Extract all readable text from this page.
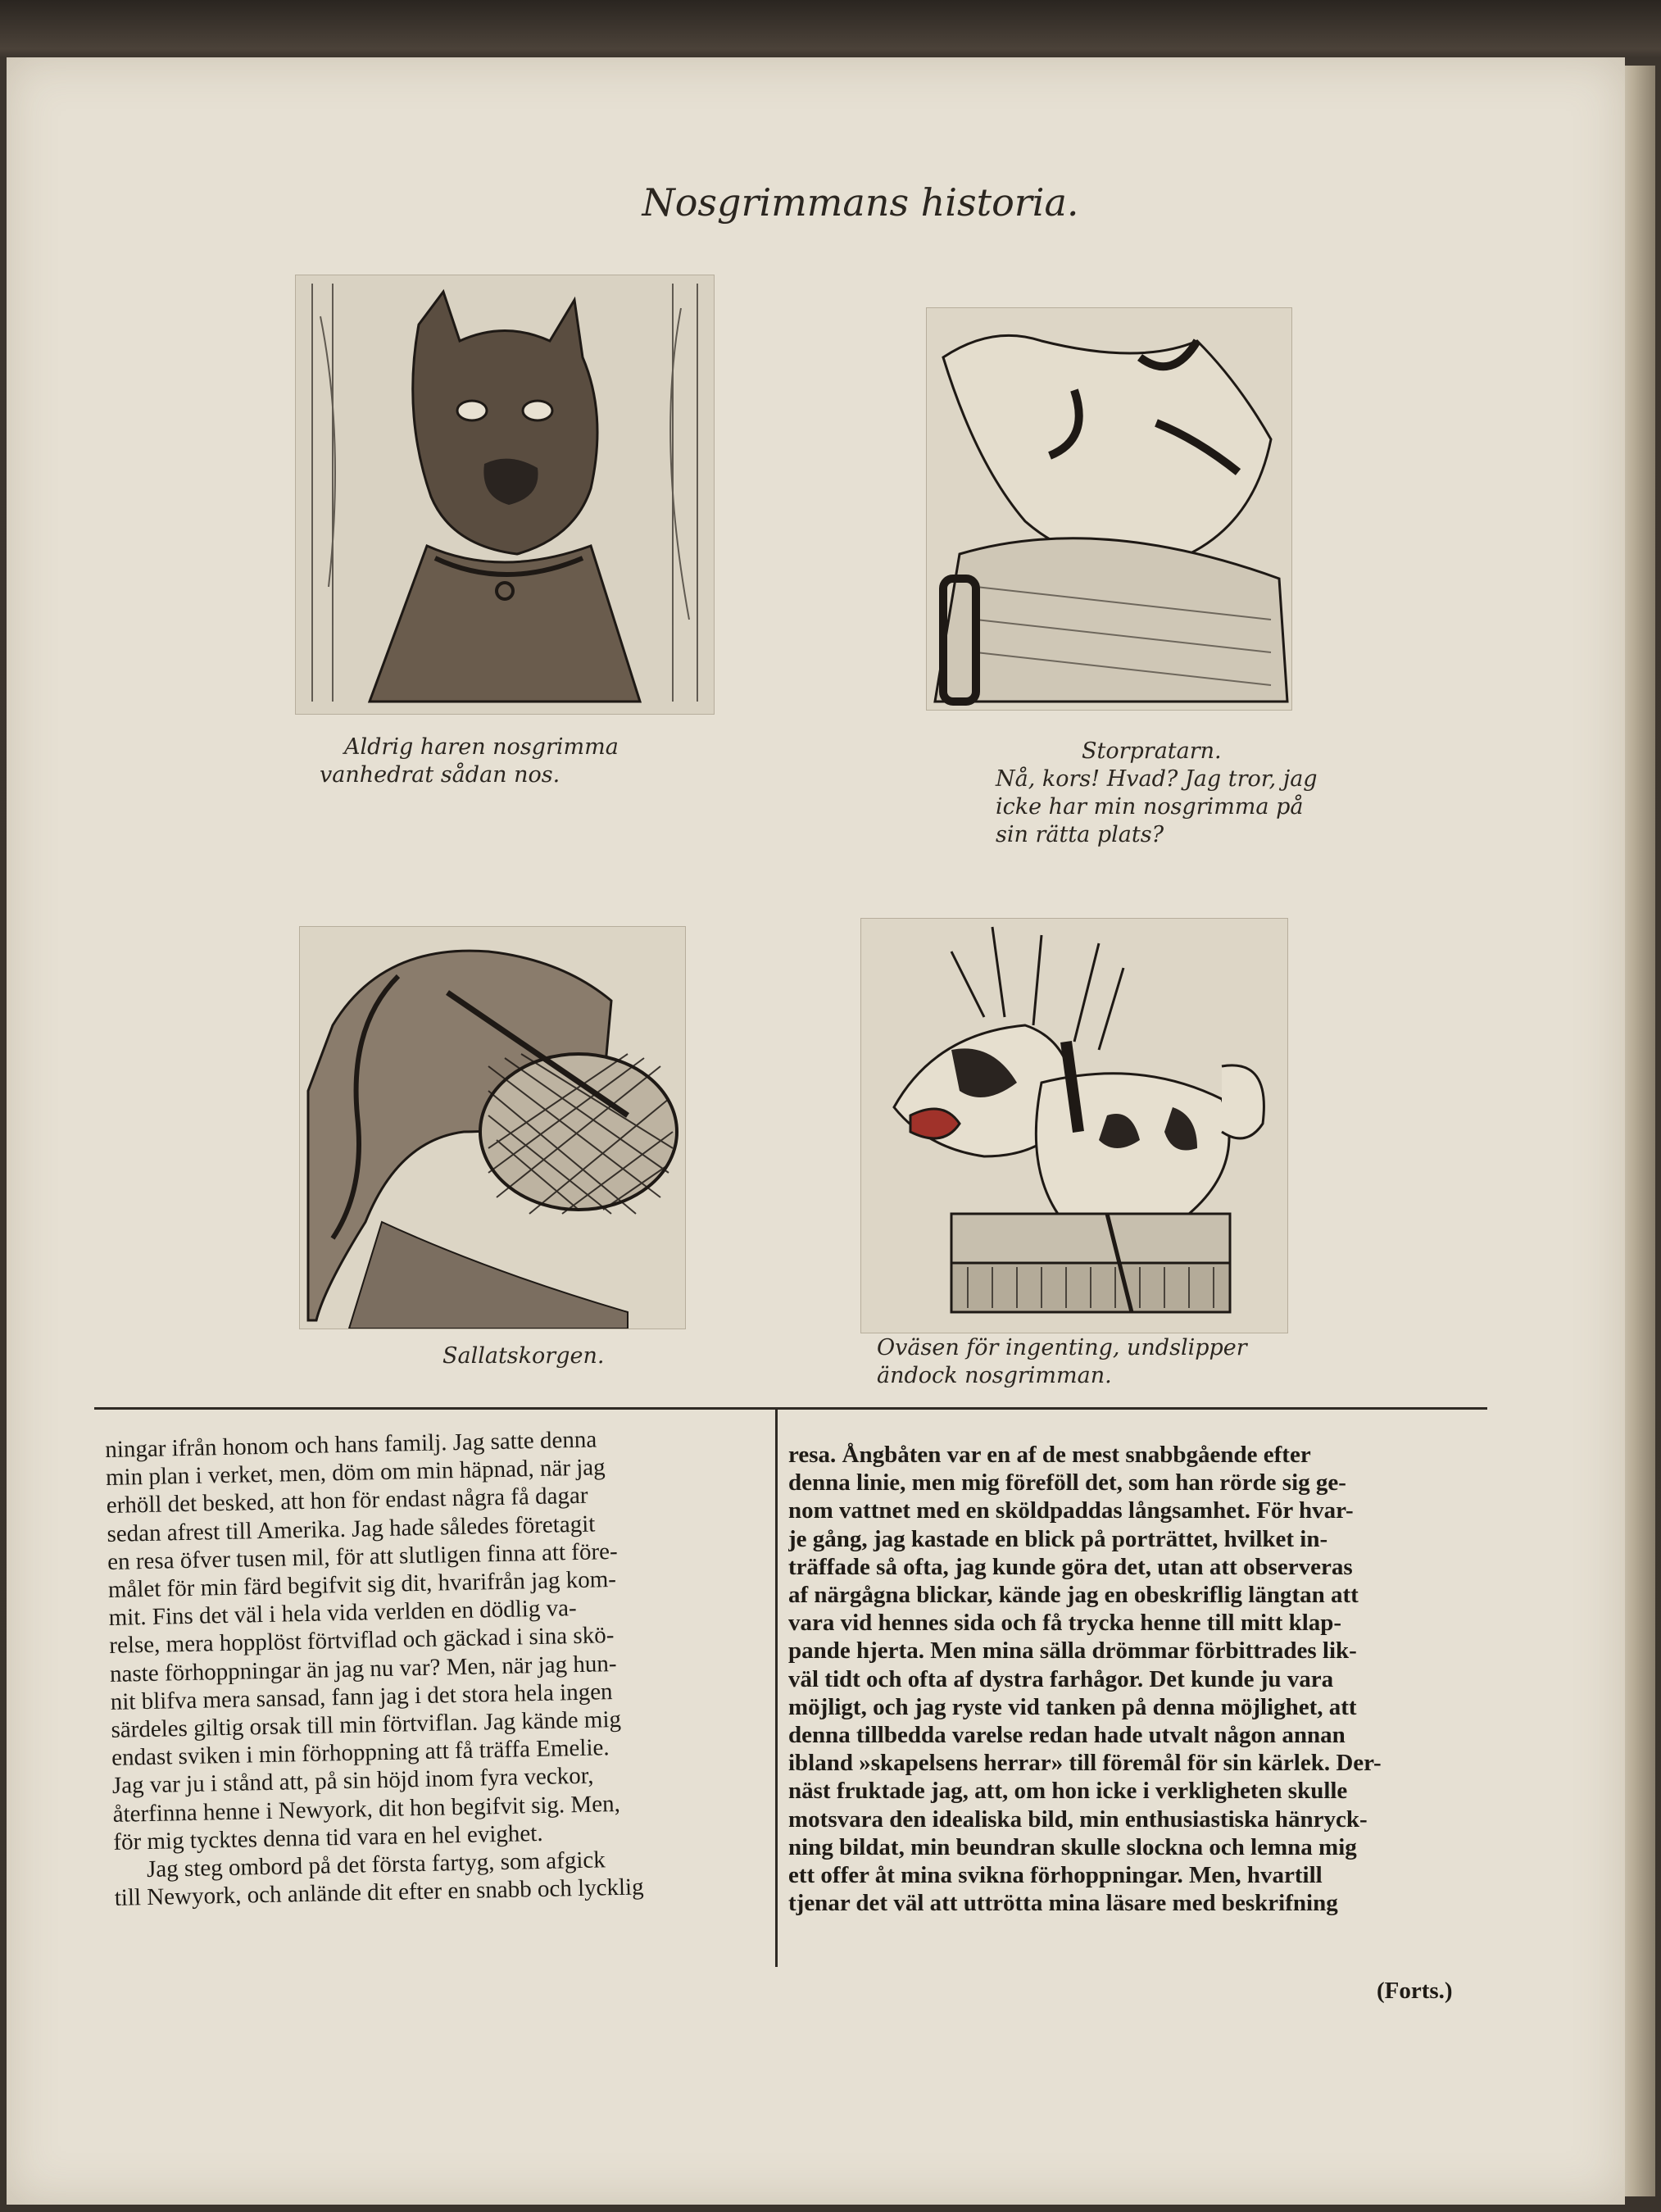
Nosgrimmans historia.
Aldrig haren nosgrimma
vanhedrat sådan nos.
Storpratarn.
Nå, kors! Hvad? Jag tror, jag
icke har min nosgrimma på
sin rätta plats?
Sallatskorgen.	Oväsen för ingenting, undslipper
ändock nosgrimman.
ningar ifrån honom och hans familj. Jag satte denna
min plan i verket, men, döm om min häpnad, när jag
erhöll det besked, att hon för endast några få dagar
sedan afrest till Amerika. Jag hade således företagit
en resa öfver tusen mil, för att slutligen finna att före-
målet för min färd begifvit sig dit, hvarifrån jag kom-
mit. Fins det väl i hela vida verlden en dödlig va-
relse, mera hopplöst förtviflad och gäckad i sina skö-
naste förhoppningar än jag nu var? Men, när jag hun-
nit blifva mera sansad, fann jag i det stora hela ingen
särdeles giltig orsak till min förtviflan. Jag kände mig
endast sviken i min förhoppning att få träffa Emelie.
Jag var ju i stånd att, på sin höjd inom fyra veckor,
återfinna henne i Newyork, dit hon begifvit sig. Men,
för mig tycktes denna tid vara en hel evighet.
Jag steg ombord på det första fartyg, som afgick
till Newyork, och anlände dit efter en snabb och lycklig
resa. Ångbåten var en af de mest snabbgående efter
denna linie, men mig föreföll det, som han rörde sig ge-
nom vattnet med en sköldpaddas långsamhet. För hvar-
je gång, jag kastade en blick på porträttet, hvilket in-
träffade så ofta, jag kunde göra det, utan att observeras
af närgågna blickar, kände jag en obeskriflig längtan att
vara vid hennes sida och få trycka henne till mitt klap-
pande hjerta. Men mina sälla drömmar förbittrades lik-
väl tidt och ofta af dystra farhågor. Det kunde ju vara
möjligt, och jag ryste vid tanken på denna möjlighet, att
denna tillbedda varelse redan hade utvalt någon annan
ibland »skapelsens herrar» till föremål för sin kärlek. Der-
näst fruktade jag, att, om hon icke i verkligheten skulle
motsvara den idealiska bild, min enthusiastiska hänryck-
ning bildat, min beundran skulle slockna och lemna mig
ett offer åt mina svikna förhoppningar. Men, hvartill
tjenar det väl att uttrötta mina läsare med beskrifning
(Forts.)
